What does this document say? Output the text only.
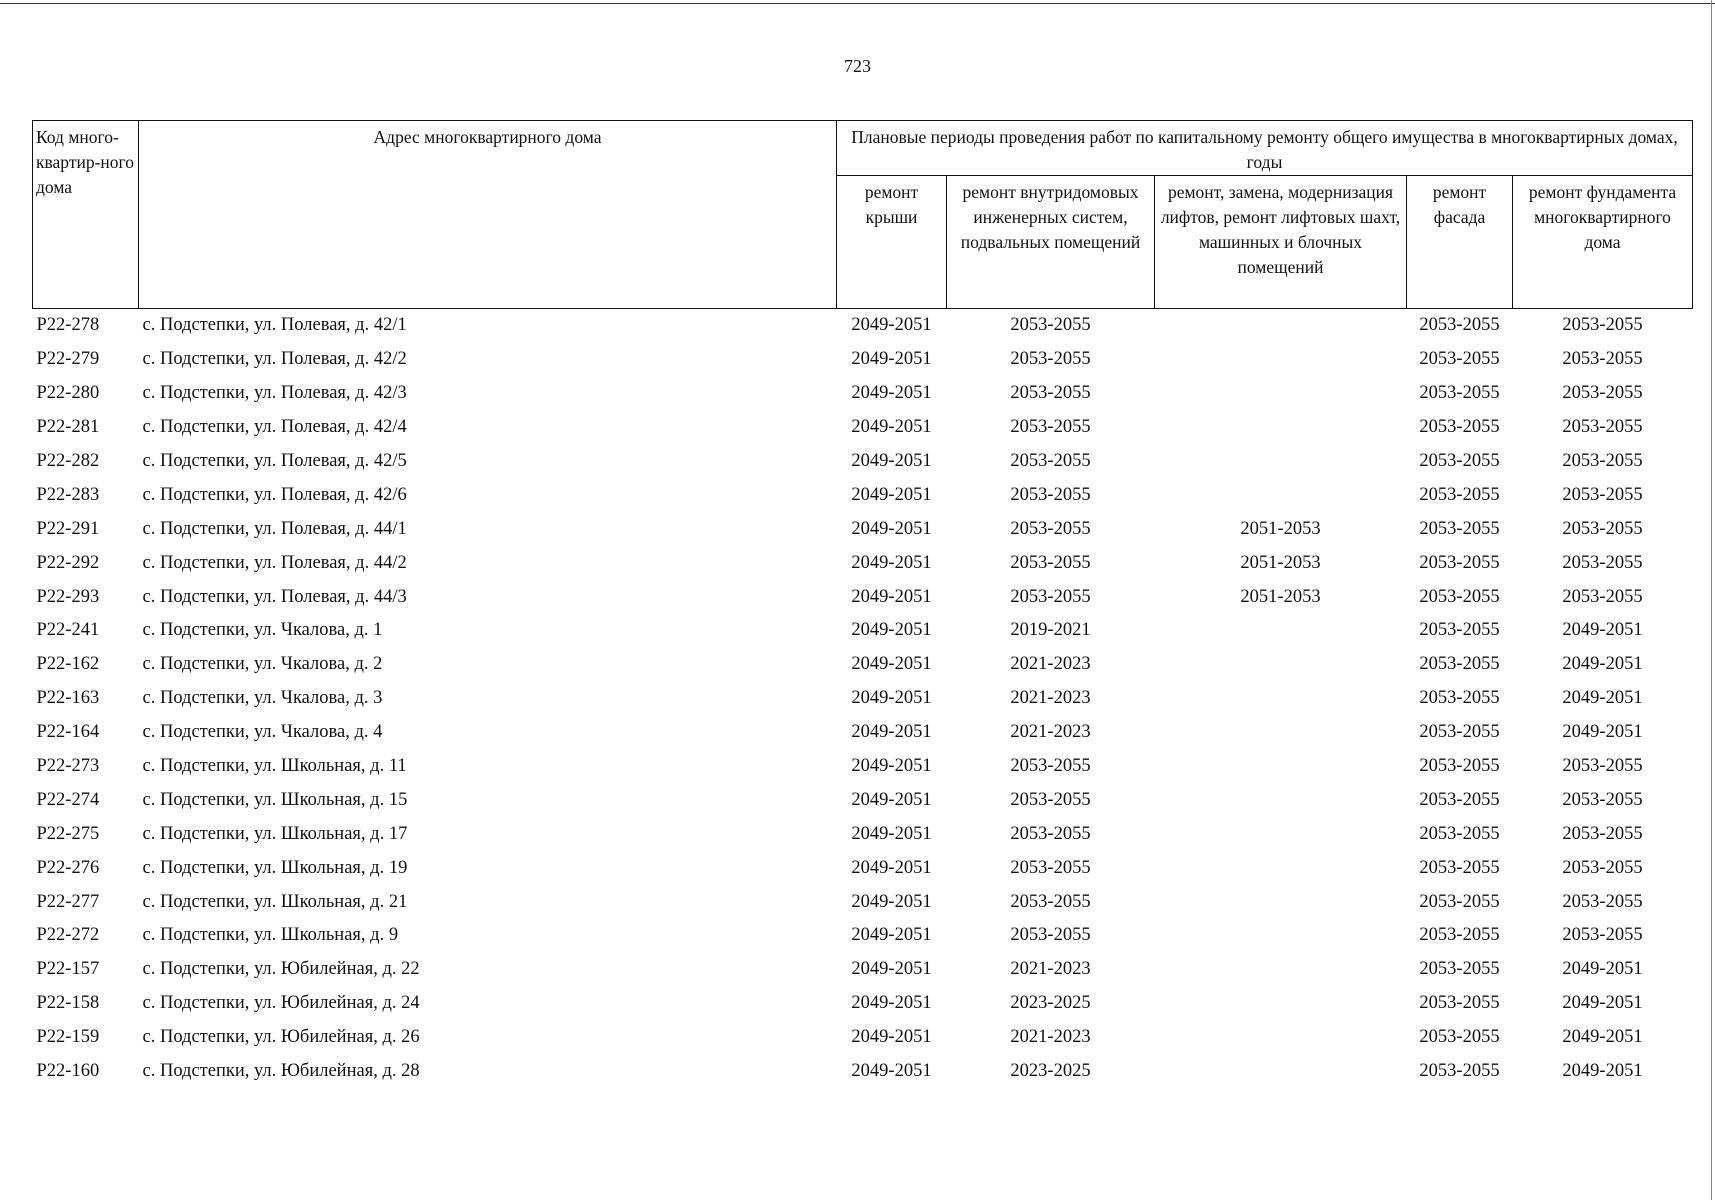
723
Код много-квартир-ного дома	Адрес многоквартирного дома	Плановые периоды проведения работ по капитальному ремонту общего имущества в многоквартирных домах, годы				
		ремонт крыши	ремонт внутридомовых инженерных систем, подвальных помещений	ремонт, замена, модернизация лифтов, ремонт лифтовых шахт, машинных и блочных помещений	ремонт фасада	ремонт фундамента многоквартирного дома
Р22-278	с. Подстепки, ул. Полевая, д. 42/1	2049-2051	2053-2055		2053-2055	2053-2055
Р22-279	с. Подстепки, ул. Полевая, д. 42/2	2049-2051	2053-2055		2053-2055	2053-2055
Р22-280	с. Подстепки, ул. Полевая, д. 42/3	2049-2051	2053-2055		2053-2055	2053-2055
Р22-281	с. Подстепки, ул. Полевая, д. 42/4	2049-2051	2053-2055		2053-2055	2053-2055
Р22-282	с. Подстепки, ул. Полевая, д. 42/5	2049-2051	2053-2055		2053-2055	2053-2055
Р22-283	с. Подстепки, ул. Полевая, д. 42/6	2049-2051	2053-2055		2053-2055	2053-2055
Р22-291	с. Подстепки, ул. Полевая, д. 44/1	2049-2051	2053-2055	2051-2053	2053-2055	2053-2055
Р22-292	с. Подстепки, ул. Полевая, д. 44/2	2049-2051	2053-2055	2051-2053	2053-2055	2053-2055
Р22-293	с. Подстепки, ул. Полевая, д. 44/3	2049-2051	2053-2055	2051-2053	2053-2055	2053-2055
Р22-241	с. Подстепки, ул. Чкалова, д. 1	2049-2051	2019-2021		2053-2055	2049-2051
Р22-162	с. Подстепки, ул. Чкалова, д. 2	2049-2051	2021-2023		2053-2055	2049-2051
Р22-163	с. Подстепки, ул. Чкалова, д. 3	2049-2051	2021-2023		2053-2055	2049-2051
Р22-164	с. Подстепки, ул. Чкалова, д. 4	2049-2051	2021-2023		2053-2055	2049-2051
Р22-273	с. Подстепки, ул. Школьная, д. 11	2049-2051	2053-2055		2053-2055	2053-2055
Р22-274	с. Подстепки, ул. Школьная, д. 15	2049-2051	2053-2055		2053-2055	2053-2055
Р22-275	с. Подстепки, ул. Школьная, д. 17	2049-2051	2053-2055		2053-2055	2053-2055
Р22-276	с. Подстепки, ул. Школьная, д. 19	2049-2051	2053-2055		2053-2055	2053-2055
Р22-277	с. Подстепки, ул. Школьная, д. 21	2049-2051	2053-2055		2053-2055	2053-2055
Р22-272	с. Подстепки, ул. Школьная, д. 9	2049-2051	2053-2055		2053-2055	2053-2055
Р22-157	с. Подстепки, ул. Юбилейная, д. 22	2049-2051	2021-2023		2053-2055	2049-2051
Р22-158	с. Подстепки, ул. Юбилейная, д. 24	2049-2051	2023-2025		2053-2055	2049-2051
Р22-159	с. Подстепки, ул. Юбилейная, д. 26	2049-2051	2021-2023		2053-2055	2049-2051
Р22-160	с. Подстепки, ул. Юбилейная, д. 28	2049-2051	2023-2025		2053-2055	2049-2051
